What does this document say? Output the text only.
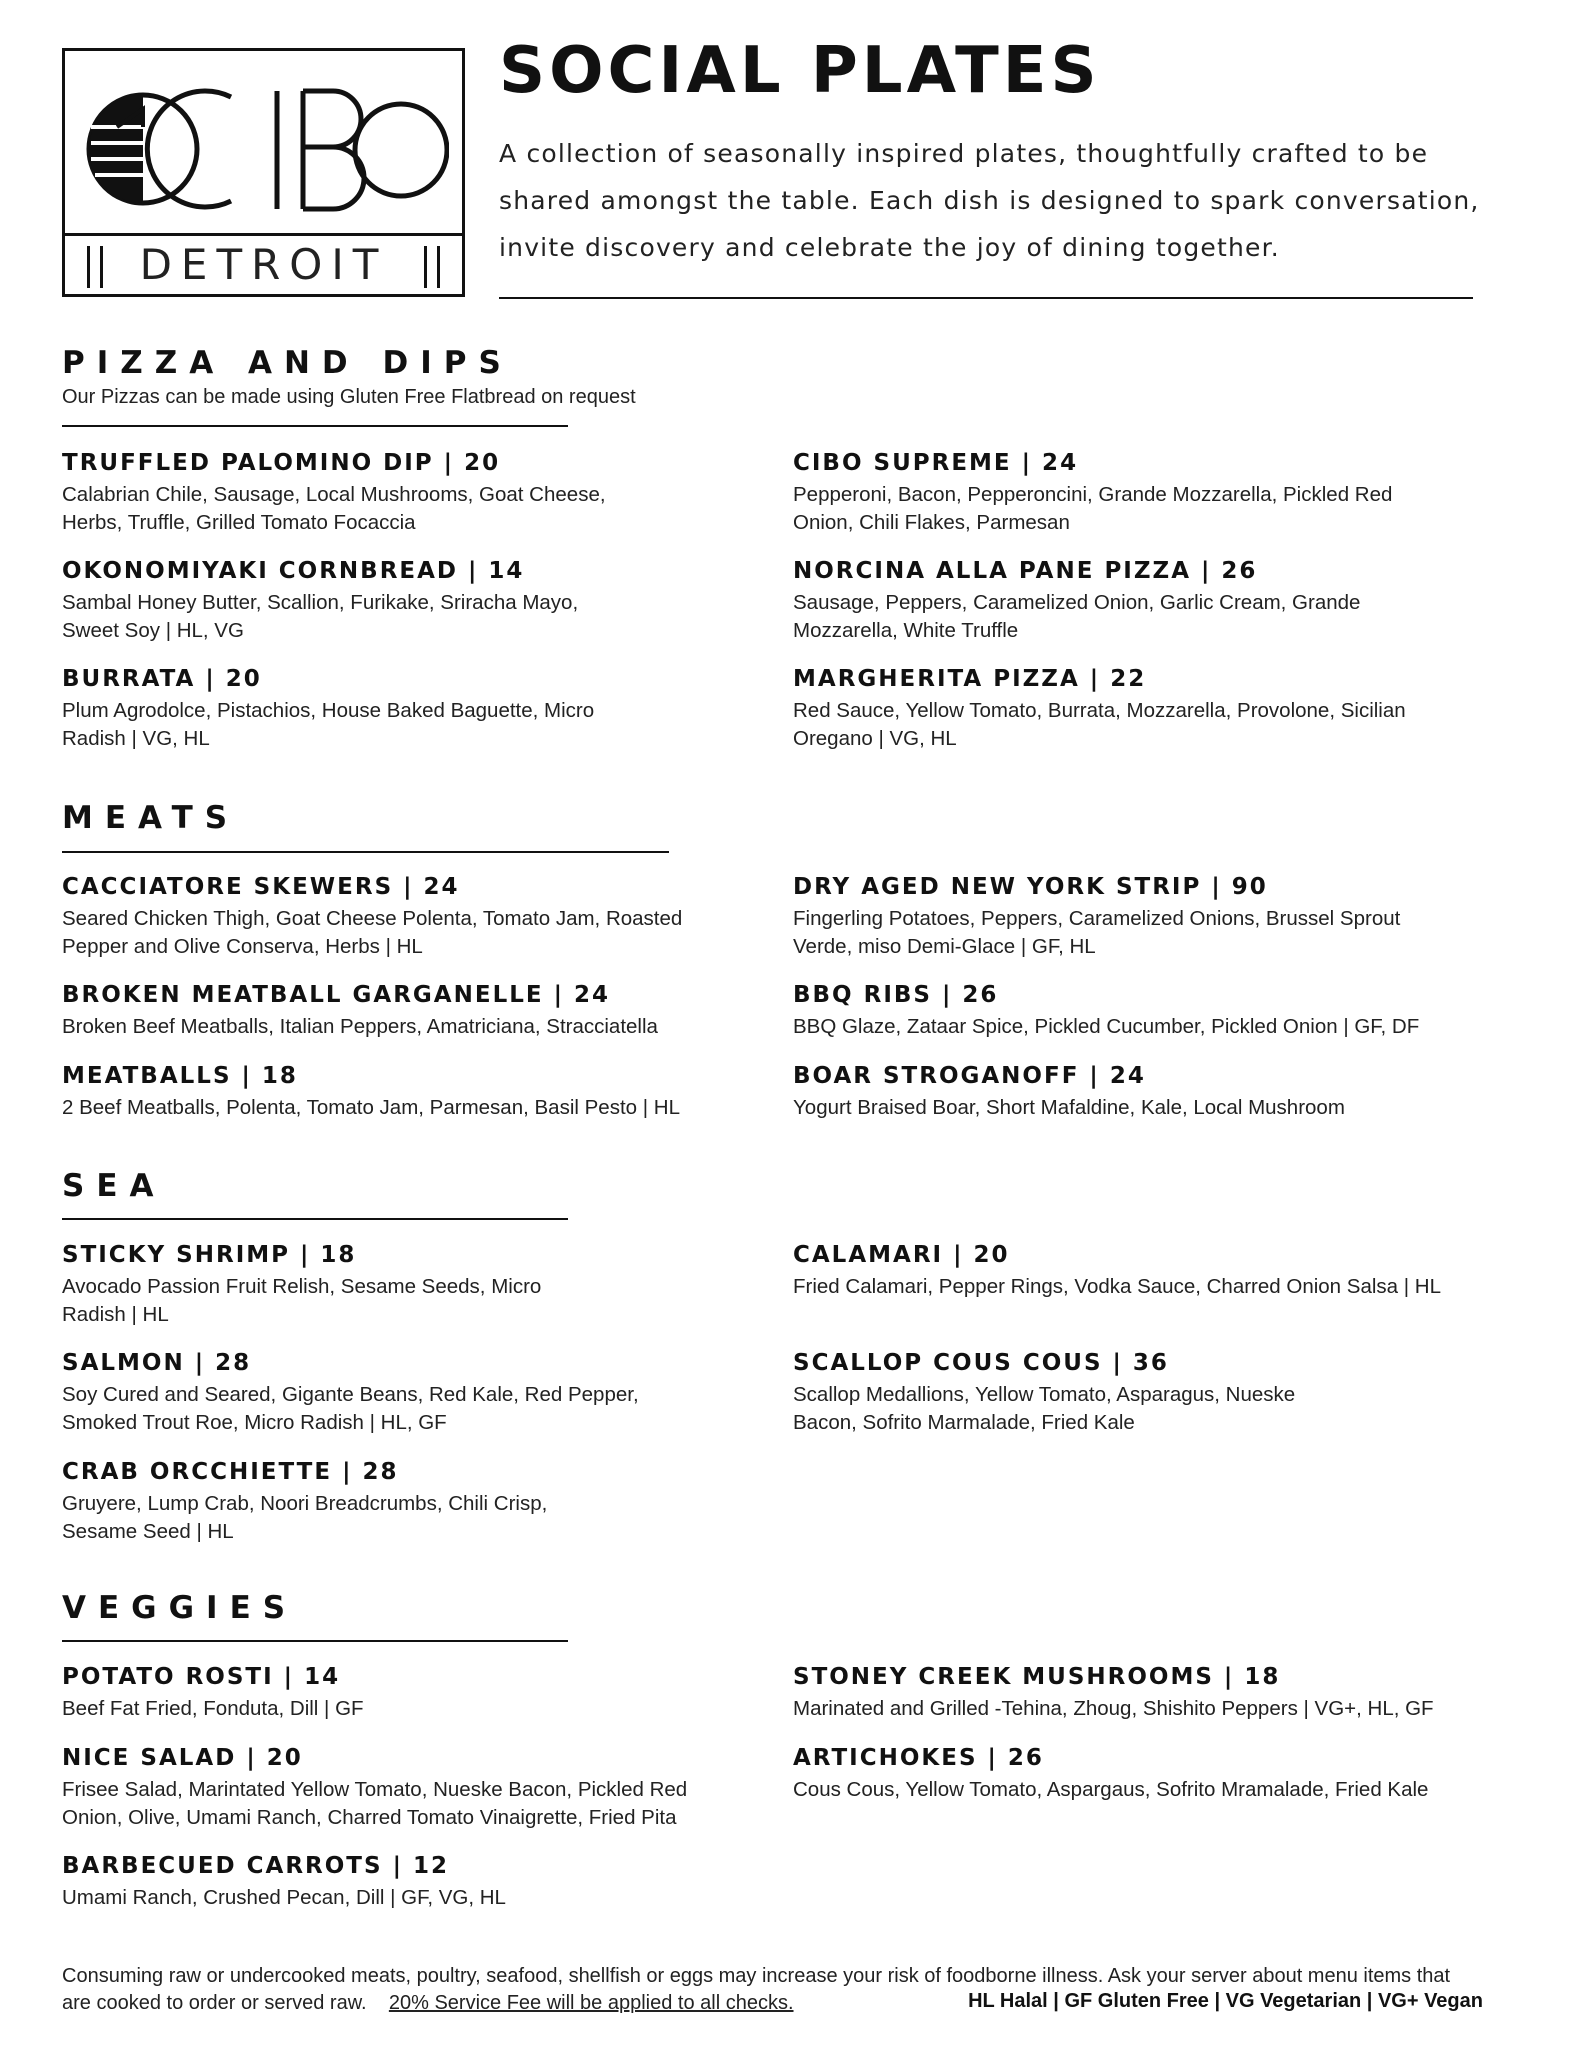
DETROIT
SOCIAL PLATES
A collection of seasonally inspired plates, thoughtfully crafted to be
shared amongst the table. Each dish is designed to spark conversation,
invite discovery and celebrate the joy of dining together.
PIZZA AND DIPS
Our Pizzas can be made using Gluten Free Flatbread on request
TRUFFLED PALOMINO DIP | 20
Calabrian Chile, Sausage, Local Mushrooms, Goat Cheese, Herbs, Truffle, Grilled Tomato Focaccia
OKONOMIYAKI CORNBREAD | 14
Sambal Honey Butter, Scallion, Furikake, Sriracha Mayo, Sweet Soy | HL, VG
BURRATA | 20
Plum Agrodolce, Pistachios, House Baked Baguette, Micro Radish | VG, HL
CIBO SUPREME | 24
Pepperoni, Bacon, Pepperoncini, Grande Mozzarella, Pickled Red Onion, Chili Flakes, Parmesan
NORCINA ALLA PANE PIZZA | 26
Sausage, Peppers, Caramelized Onion, Garlic Cream, Grande Mozzarella, White Truffle
MARGHERITA PIZZA | 22
Red Sauce, Yellow Tomato, Burrata, Mozzarella, Provolone, Sicilian Oregano | VG, HL
MEATS
CACCIATORE SKEWERS | 24
Seared Chicken Thigh, Goat Cheese Polenta, Tomato Jam, Roasted Pepper and Olive Conserva, Herbs | HL
BROKEN MEATBALL GARGANELLE | 24
Broken Beef Meatballs, Italian Peppers, Amatriciana, Stracciatella
MEATBALLS | 18
2 Beef Meatballs, Polenta, Tomato Jam, Parmesan, Basil Pesto | HL
DRY AGED NEW YORK STRIP | 90
Fingerling Potatoes, Peppers, Caramelized Onions, Brussel Sprout Verde, miso Demi-Glace | GF, HL
BBQ RIBS | 26
BBQ Glaze, Zataar Spice, Pickled Cucumber, Pickled Onion | GF, DF
BOAR STROGANOFF | 24
Yogurt Braised Boar, Short Mafaldine, Kale, Local Mushroom
SEA
STICKY SHRIMP | 18
Avocado Passion Fruit Relish, Sesame Seeds, Micro Radish | HL
SALMON | 28
Soy Cured and Seared, Gigante Beans, Red Kale, Red Pepper, Smoked Trout Roe, Micro Radish | HL, GF
CRAB ORCCHIETTE | 28
Gruyere, Lump Crab, Noori Breadcrumbs, Chili Crisp, Sesame Seed | HL
CALAMARI | 20
Fried Calamari, Pepper Rings, Vodka Sauce, Charred Onion Salsa | HL
SCALLOP COUS COUS | 36
Scallop Medallions, Yellow Tomato, Asparagus, Nueske Bacon, Sofrito Marmalade, Fried Kale
VEGGIES
POTATO ROSTI | 14
Beef Fat Fried, Fonduta, Dill | GF
NICE SALAD | 20
Frisee Salad, Marintated Yellow Tomato, Nueske Bacon, Pickled Red Onion, Olive, Umami Ranch, Charred Tomato Vinaigrette, Fried Pita
BARBECUED CARROTS | 12
Umami Ranch, Crushed Pecan, Dill | GF, VG, HL
STONEY CREEK MUSHROOMS | 18
Marinated and Grilled -Tehina, Zhoug, Shishito Peppers | VG+, HL, GF
ARTICHOKES | 26
Cous Cous, Yellow Tomato, Aspargaus, Sofrito Mramalade, Fried Kale
Consuming raw or undercooked meats, poultry, seafood, shellfish or eggs may increase your risk of foodborne illness. Ask your server about menu items that are cooked to order or served raw. 20% Service Fee will be applied to all checks.	HL Halal | GF Gluten Free | VG Vegetarian | VG+ Vegan
